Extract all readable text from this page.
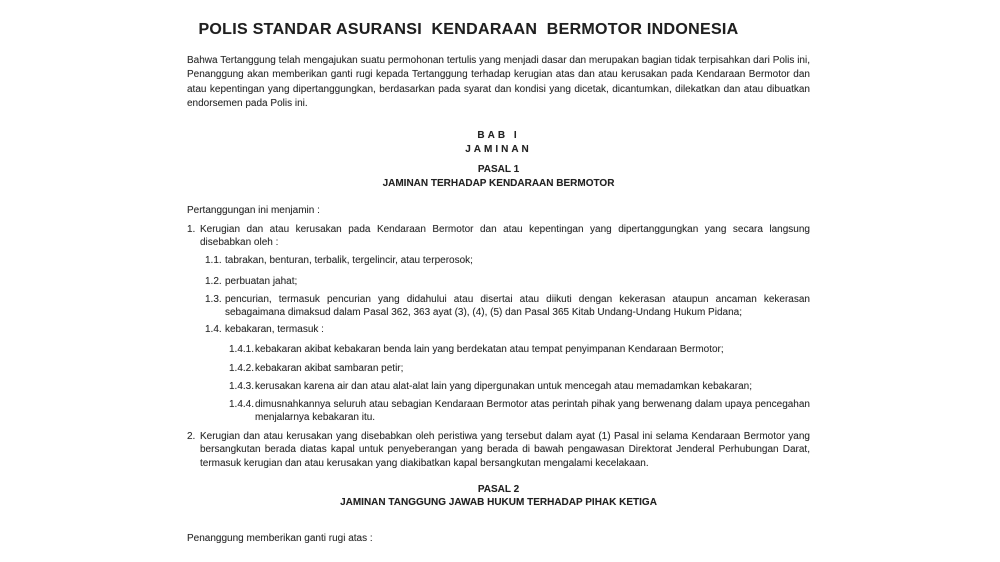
POLIS STANDAR ASURANSI  KENDARAAN  BERMOTOR INDONESIA
Bahwa Tertanggung telah mengajukan suatu permohonan tertulis yang menjadi dasar dan merupakan bagian tidak terpisahkan dari Polis ini, Penanggung akan memberikan ganti rugi kepada Tertanggung terhadap kerugian atas dan atau kerusakan pada Kendaraan Bermotor dan atau kepentingan yang dipertanggungkan, berdasarkan pada syarat dan kondisi yang dicetak, dicantumkan, dilekatkan dan atau dibuatkan endorsemen pada Polis ini.
BAB I
JAMINAN
PASAL 1
JAMINAN TERHADAP KENDARAAN BERMOTOR
Pertanggungan ini menjamin :
1. Kerugian dan atau kerusakan pada Kendaraan Bermotor dan atau kepentingan yang dipertanggungkan yang secara langsung disebabkan oleh :
1.1. tabrakan, benturan, terbalik, tergelincir, atau terperosok;
1.2. perbuatan jahat;
1.3. pencurian, termasuk pencurian yang didahului atau disertai atau diikuti dengan kekerasan ataupun ancaman kekerasan sebagaimana dimaksud dalam Pasal 362, 363 ayat (3), (4), (5) dan Pasal 365 Kitab Undang-Undang Hukum Pidana;
1.4. kebakaran, termasuk :
1.4.1. kebakaran akibat kebakaran benda lain yang berdekatan atau tempat penyimpanan Kendaraan Bermotor;
1.4.2. kebakaran akibat sambaran petir;
1.4.3. kerusakan karena air dan atau alat-alat lain yang dipergunakan untuk mencegah atau memadamkan kebakaran;
1.4.4. dimusnahkannya seluruh atau sebagian Kendaraan Bermotor atas perintah pihak yang berwenang dalam upaya pencegahan menjalarnya kebakaran itu.
2. Kerugian dan atau kerusakan yang disebabkan oleh peristiwa yang tersebut dalam ayat (1) Pasal ini selama Kendaraan Bermotor yang bersangkutan berada diatas kapal untuk penyeberangan yang berada di bawah pengawasan Direktorat Jenderal Perhubungan Darat, termasuk kerugian dan atau kerusakan yang diakibatkan kapal bersangkutan mengalami kecelakaan.
PASAL 2
JAMINAN TANGGUNG JAWAB HUKUM TERHADAP PIHAK KETIGA
Penanggung memberikan ganti rugi atas :
